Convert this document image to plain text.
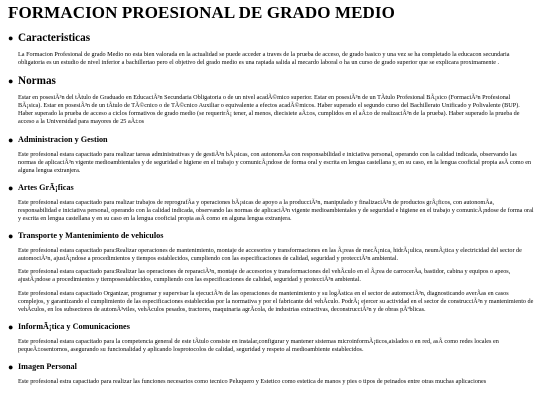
FORMACION PROESIONAL DE GRADO MEDIO
● Caracteristicas

La Formacion Profesional de grado Medio no esta bien valorada en la actualidad se puede acceder a traves de la prueba de acceso, de grado basico y una vez se ha completado la educacon secundaria obligatoria es un estudio de nivel inferior a bachillertao pero el objetivo del grado medio es una rapiada salida al mecardo laboral o ha un curso de grado superior que se explicara proximamente .

● Normas

Estar en posesiÃ³n del tÃtulo de Graduado en EducaciÃ³n Secundaria Obligatoria o de un nivel acadÃ©mico superior. Estar en posesiÃ³n de un TÃtulo Profesional BÃ¡sico (FormaciÃ³n Profesional BÃ¡sica). Estar en posesiÃ³n de un tÃtulo de TÃ©cnico o de TÃ©cnico Auxiliar o equivalente a efectos acadÃ©micos. Haber superado el segundo curso del Bachillerato Unificado y Polivalente (BUP). Haber superado la prueba de acceso a ciclos formativos de grado medio (se requerirÃ¡ tener, al menos, diecisiete aÃ±os, cumplidos en el aÃ±o de realizaciÃ³n de la prueba). Haber superado la prueba de acceso a la Universidad para mayores de 25 aÃ±os

● Administracion y Gestion

Este profesional estara capacitado para realizar tareas administrativas y de gestiÃ³n bÃ¡sicas, con autonomÃa con responsabilidad e iniciativa personal, operando con la calidad indicada, observando las normas de aplicaciÃ³n vigente medioambientales y de seguridad e higiene en el trabajo y comunicÃ¡ndose de forma oral y escrita en lengua castellana y, en su caso, en la lengua cooficial propia asÃ como en alguna lengua extranjera.

● Artes GrÃ¡ficas

Este profesional estara capacitado para realizar trabajos de reprografÃa y operaciones bÃ¡sicas de apoyo a la producciÃ³n, manipulado y finalizaciÃ³n de productos grÃ¡ficos, con autonomÃa, responsabilidad e iniciativa personal, operando con la calidad indicada, observando las normas de aplicaciÃ³n vigente medioambientales y de seguridad e higiene en el trabajo y comunicÃ¡ndose de forma oral y escrita en lengua castellana y en su caso en la lengua cooficial propia asÃ como en alguna lengua extranjera.

● Transporte y Mantenimiento de vehiculos

Este profesional estara capacitado para:Realizar operaciones de mantenimiento, montaje de accesorios y transformaciones en las Ã¡reas de mecÃ¡nica, hidrÃ¡ulica, neumÃ¡tica y electricidad del sector de automociÃ³n, ajustÃ¡ndose a procedimientos y tiempos establecidos, cumpliendo con las especificaciones de calidad, seguridad y protecciÃ³n ambiental.

Este profesional estara capacitado para:Realizar las operaciones de reparaciÃ³n, montaje de accesorios y transformaciones del vehÃculo en el Ã¡rea de carrocerÃa, bastidor, cabina y equipos o apeos, ajustÃ¡ndose a procedimientos y tiemposestablecidos, cumpliendo con las especificaciones de calidad, seguridad y protecciÃ³n ambiental.

Este profesional estara capacitado Organizar, programar y supervisar la ejecuciÃ³n de las operaciones de mantenimiento y su logÃstica en el sector de automociÃ³n, diagnosticando averÃas en casos complejos, y garantizando el cumplimiento de las especificaciones establecidas por la normativa y por el fabricante del vehÃculo. PodrÃ¡ ejercer su actividad en el sector de construcciÃ³n y mantenimiento de vehÃculos, en los subsectores de automÃ³viles, vehÃculos pesados, tractores, maquinaria agrÃcola, de industrias extractivas, deconstrucciÃ³n y de obras pÃºblicas.

● InformÃ¡tica y Comunicaciones

Este profesional estara capacitado para la competencia general de este tÃtulo consiste en instalar,configurar y mantener sistemas microinformÃ¡ticos,aislados o en red, asÃ como redes locales en pequeÃ±osentornos, asegurando su funcionalidad y aplicando losprotocolos de calidad, seguridad y respeto al medioambiente establecidos.

● Imagen Personal

Este profesional estra capacitado para realizar las funciones necesarios como tecnico Peluquero y Estetico como estetica de manos y pies o tipos de peinados entre otras muchas aplicaciones
